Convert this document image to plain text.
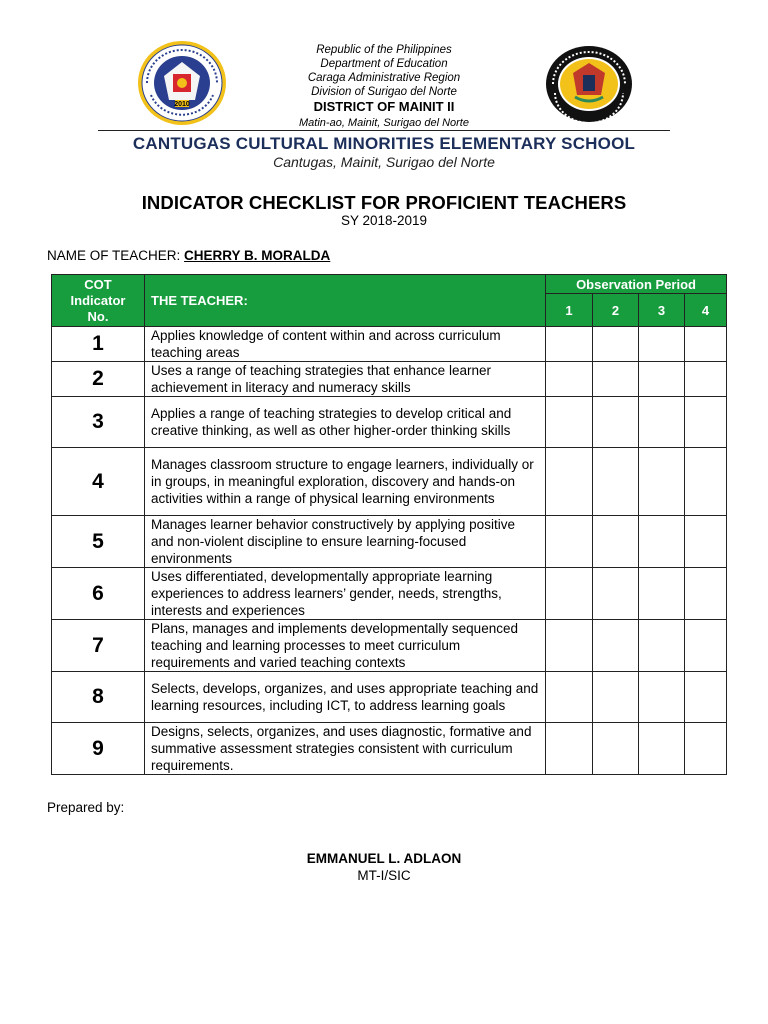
2010
Republic of the Philippines
Department of Education
Caraga Administrative Region
Division of Surigao del Norte
DISTRICT OF MAINIT II
Matin-ao, Mainit, Surigao del Norte
CANTUGAS CULTURAL MINORITIES ELEMENTARY SCHOOL
Cantugas, Mainit, Surigao del Norte
INDICATOR CHECKLIST FOR PROFICIENT TEACHERS
SY 2018-2019
NAME OF TEACHER: CHERRY B. MORALDA
COT
Indicator
No.	THE TEACHER:	Observation Period			
		1	2	3	4
1	Applies knowledge of content within and across curriculum teaching areas				
2	Uses a range of teaching strategies that enhance learner achievement in literacy and numeracy skills				
3	Applies a range of teaching strategies to develop critical and creative thinking, as well as other higher-order thinking skills				
4	Manages classroom structure to engage learners, individually or in groups, in meaningful exploration, discovery and hands-on activities within a range of physical learning environments				
5	Manages learner behavior constructively by applying positive and non-violent discipline to ensure learning-focused environments				
6	Uses differentiated, developmentally appropriate learning experiences to address learners’ gender, needs, strengths, interests and experiences				
7	Plans, manages and implements developmentally sequenced teaching and learning processes to meet curriculum requirements and varied teaching contexts				
8	Selects, develops, organizes, and uses appropriate teaching and learning resources, including ICT, to address learning goals				
9	Designs, selects, organizes, and uses diagnostic, formative and summative assessment strategies consistent with curriculum requirements.				
Prepared by:
EMMANUEL L. ADLAON
MT-I/SIC
